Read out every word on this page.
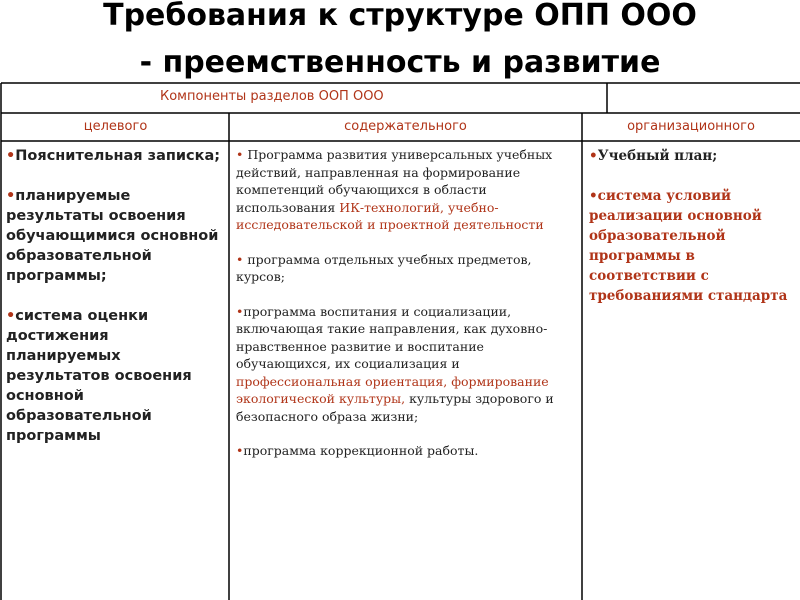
Требования к структуре ОПП ООО
- преемственность и развитие
Компоненты разделов ООП ООО
целевого	содержательного	организационного

•Пояснительная записка;

•планируемые результаты освоения обучающимися основной образовательной программы;

•система оценки достижения планируемых результатов освоения основной образовательной программы

• Программа развития универсальных учебных действий, направленная на формирование компетенций обучающихся в области использования ИК-технологий, учебно-исследовательской и проектной деятельности

• программа отдельных учебных предметов, курсов;

•программа воспитания и социализации, включающая такие направления, как духовно-нравственное развитие и воспитание обучающихся, их социализация и профессиональная ориентация, формирование экологической культуры, культуры здорового и безопасного образа жизни;

•программа коррекционной работы.

•Учебный план;

•система условий реализации основной образовательной программы в соответствии с требованиями стандарта
